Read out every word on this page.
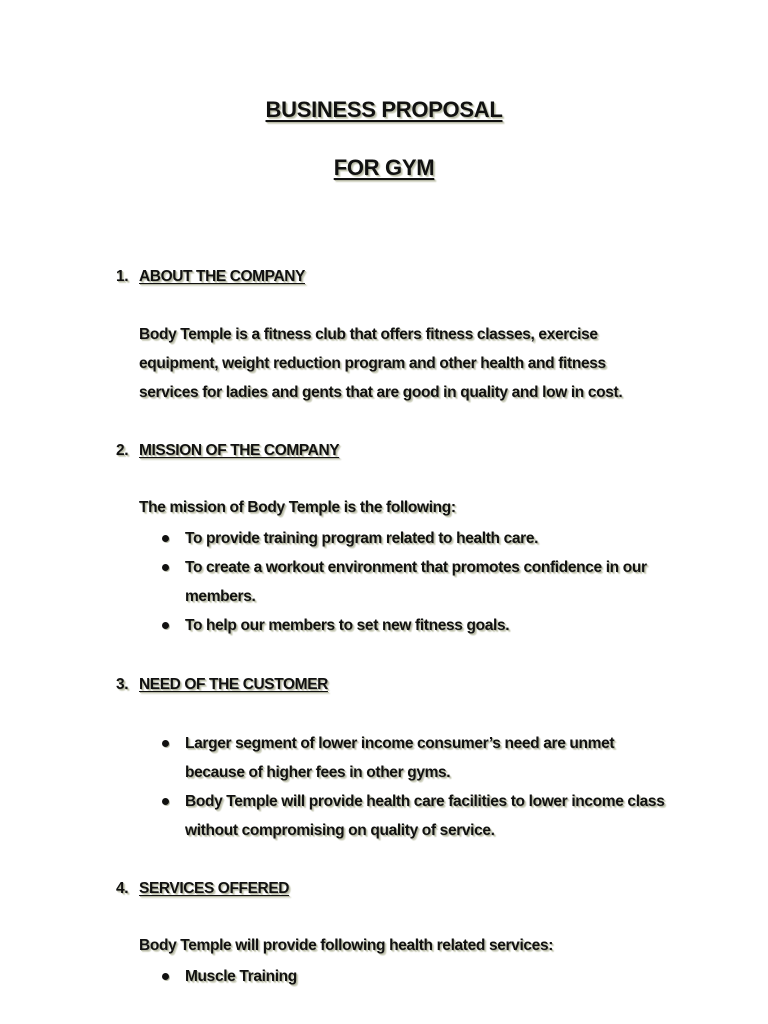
BUSINESS PROPOSAL
FOR GYM
1. ABOUT THE COMPANY
Body Temple is a fitness club that offers fitness classes, exercise equipment, weight reduction program and other health and fitness services for ladies and gents that are good in quality and low in cost.
2. MISSION OF THE COMPANY
The mission of Body Temple is the following:
To provide training program related to health care.
To create a workout environment that promotes confidence in our members.
To help our members to set new fitness goals.
3. NEED OF THE CUSTOMER
Larger segment of lower income consumer’s need are unmet because of higher fees in other gyms.
Body Temple will provide health care facilities to lower income class without compromising on quality of service.
4. SERVICES OFFERED
Body Temple will provide following health related services:
Muscle Training
